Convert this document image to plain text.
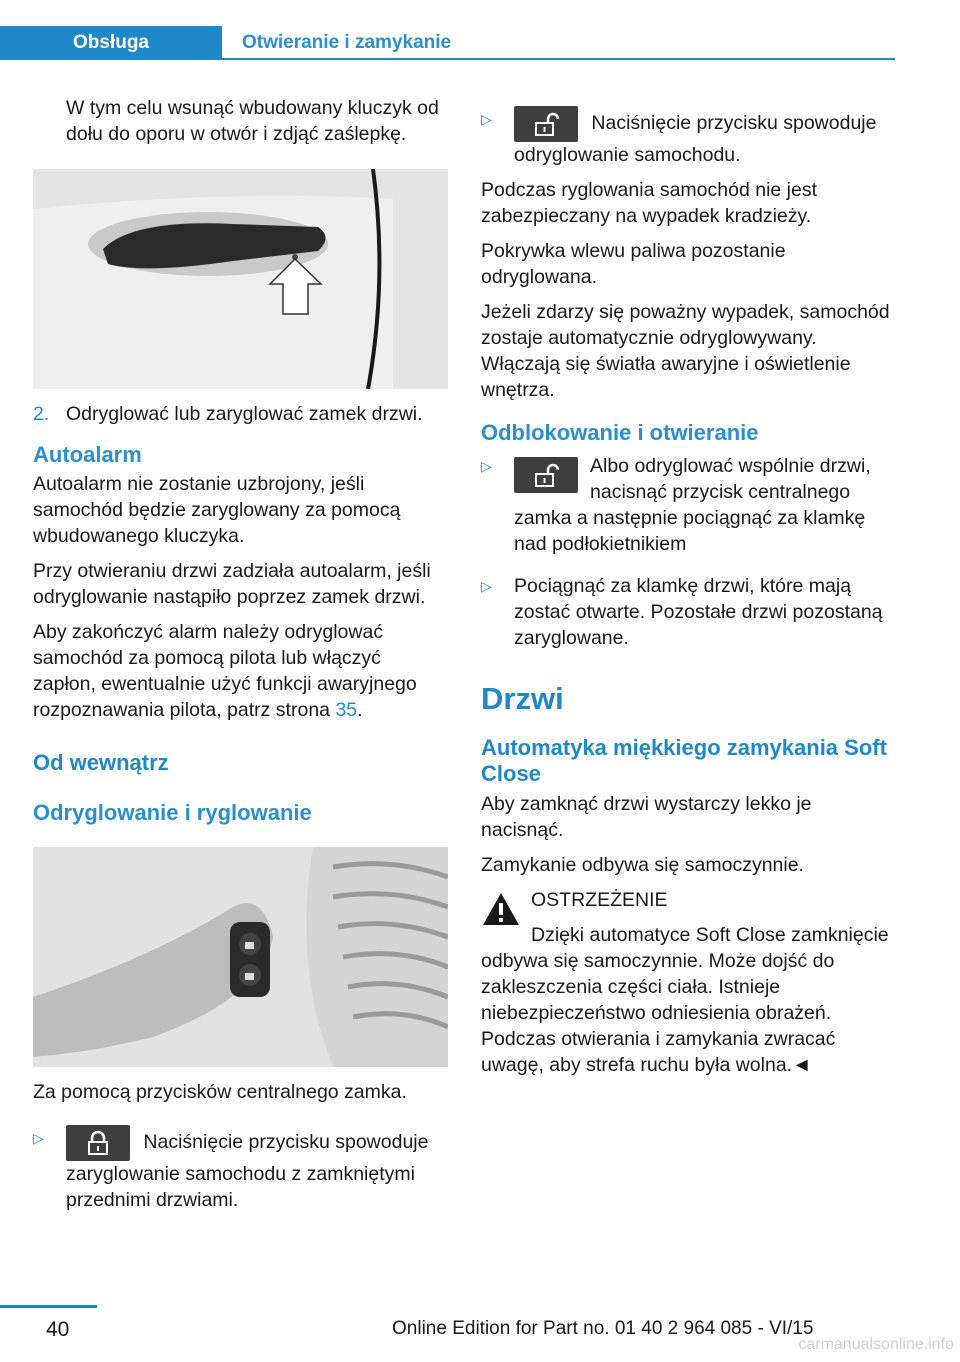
Obsługa	Otwieranie i zamykanie

W tym celu wsunąć wbudowany kluczyk od dołu do oporu w otwór i zdjąć zaślepkę.

2. Odryglować lub zaryglować zamek drzwi.
Autoalarm

Autoalarm nie zostanie uzbrojony, jeśli samochód będzie zaryglowany za pomocą wbudowanego kluczyka.

Przy otwieraniu drzwi zadziała autoalarm, jeśli odryglowanie nastąpiło poprzez zamek drzwi.

Aby zakończyć alarm należy odryglować samochód za pomocą pilota lub włączyć zapłon, ewentualnie użyć funkcji awaryjnego rozpoznawania pilota, patrz strona 35.

Od wewnątrz
Odryglowanie i ryglowanie

Za pomocą przycisków centralnego zamka.

▷	Naciśnięcie przycisku spowoduje zaryglowanie samochodu z zamkniętymi przednimi drzwiami.
▷	Naciśnięcie przycisku spowoduje odryglowanie samochodu.

Podczas ryglowania samochód nie jest zabezpieczany na wypadek kradzieży.

Pokrywka wlewu paliwa pozostanie odryglowana.

Jeżeli zdarzy się poważny wypadek, samochód zostaje automatycznie odryglowywany. Włączają się światła awaryjne i oświetlenie wnętrza.

Odblokowanie i otwieranie
▷	Albo odryglować wspólnie drzwi, nacisnąć przycisk centralnego zamka a następnie pociągnąć za klamkę nad podłokietnikiem
▷ Pociągnąć za klamkę drzwi, które mają zostać otwarte. Pozostałe drzwi pozostaną zaryglowane.
Drzwi
Automatyka miękkiego zamykania Soft Close

Aby zamknąć drzwi wystarczy lekko je nacisnąć.

Zamykanie odbywa się samoczynnie.

OSTRZEŻENIE

Dzięki automatyce Soft Close zamknięcie odbywa się samoczynnie. Może dojść do zakleszczenia części ciała. Istnieje niebezpieczeństwo odniesienia obrażeń. Podczas otwierania i zamykania zwracać uwagę, aby strefa ruchu była wolna.◄

40	Online Edition for Part no. 01 40 2 964 085 - VI/15
carmanualsonline.info
